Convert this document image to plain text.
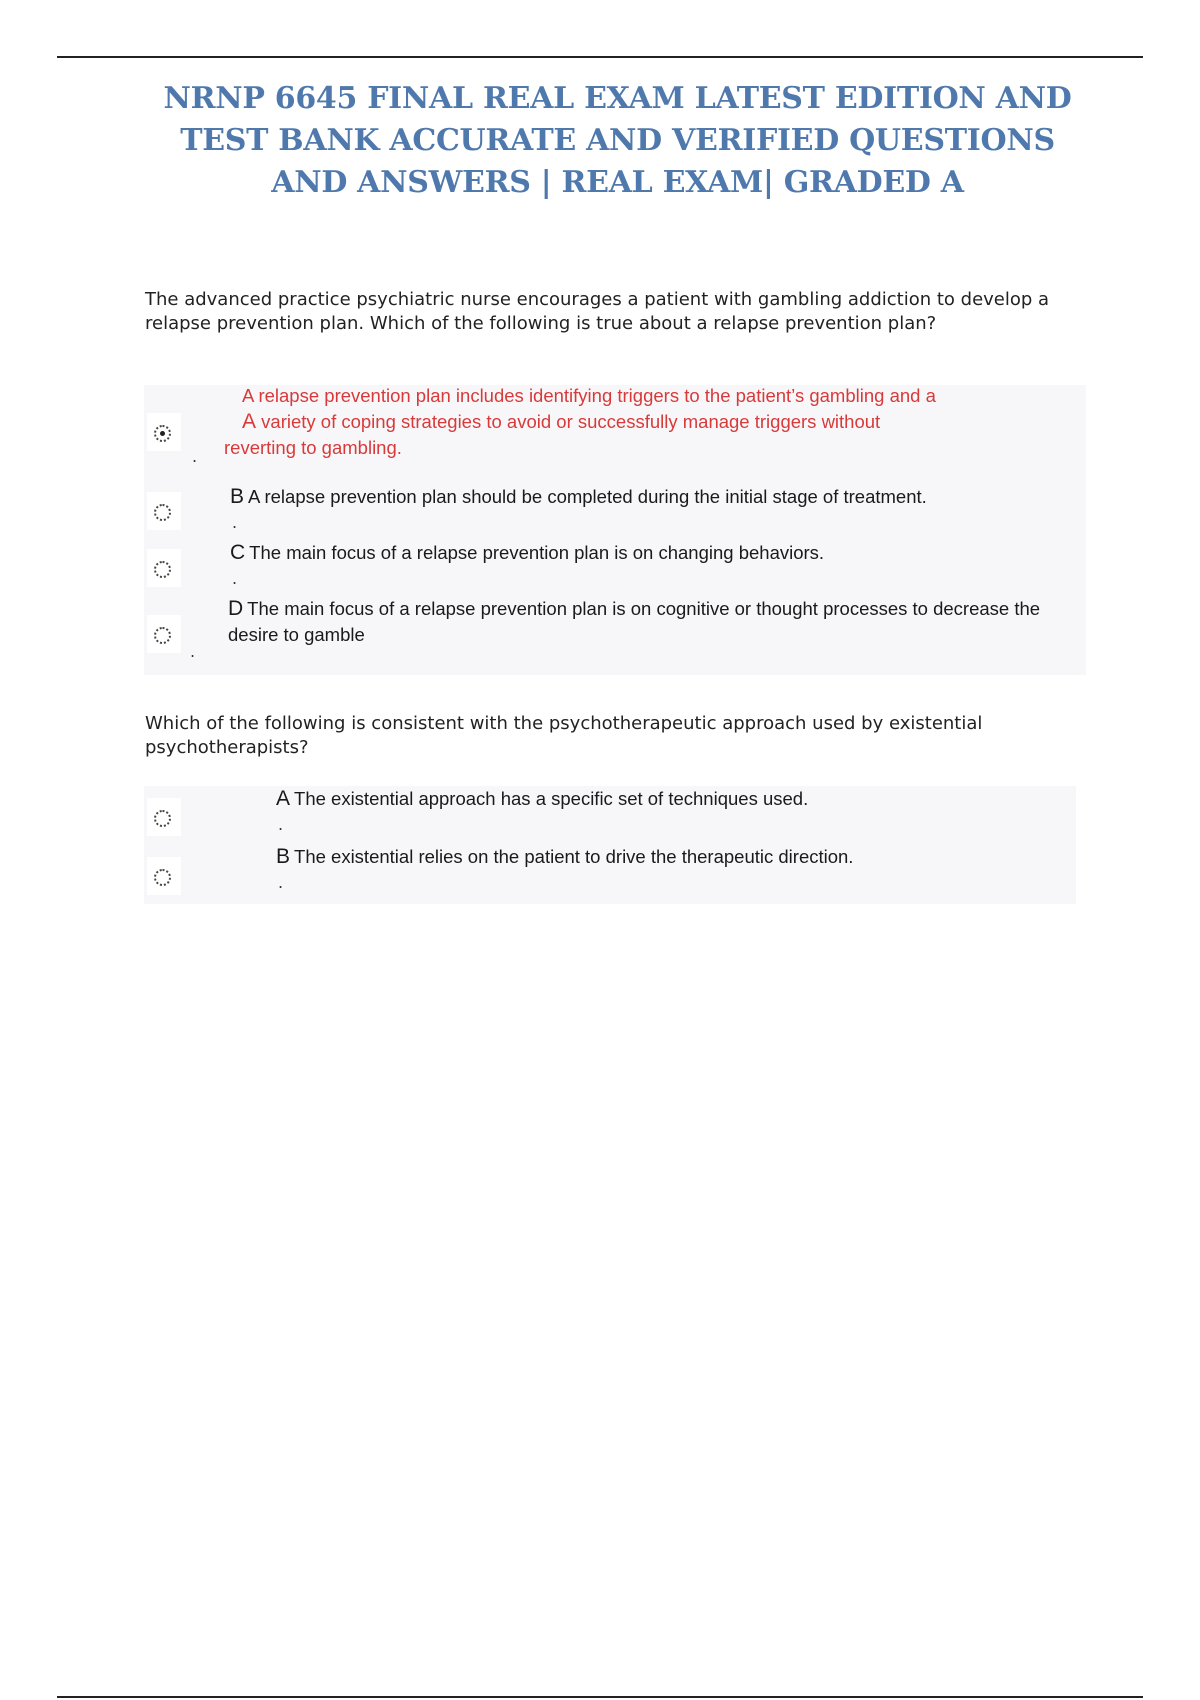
NRNP 6645 FINAL REAL EXAM LATEST EDITION AND TEST BANK ACCURATE AND VERIFIED QUESTIONS AND ANSWERS | REAL EXAM| GRADED A

The advanced practice psychiatric nurse encourages a patient with gambling addiction to develop a relapse prevention plan. Which of the following is true about a relapse prevention plan?

.

A relapse prevention plan includes identifying triggers to the patient’s gambling and a
A variety of coping strategies to avoid or successfully manage triggers without
reverting to gambling.

B A relapse prevention plan should be completed during the initial stage of treatment.

.

C The main focus of a relapse prevention plan is on changing behaviors.

.

D The main focus of a relapse prevention plan is on cognitive or thought processes to decrease the desire to gamble

.

Which of the following is consistent with the psychotherapeutic approach used by existential psychotherapists?

A The existential approach has a specific set of techniques used.

.

B The existential relies on the patient to drive the therapeutic direction.

.
